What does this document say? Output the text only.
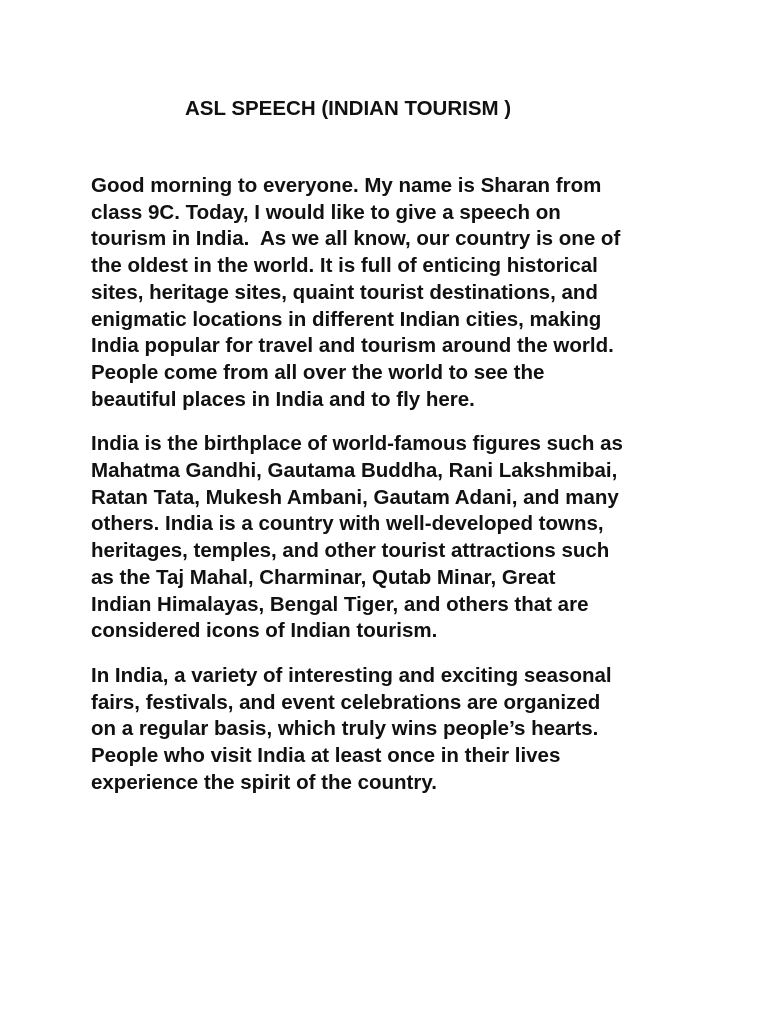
ASL SPEECH (INDIAN TOURISM )

Good morning to everyone. My name is Sharan from
class 9C. Today, I would like to give a speech on
tourism in India.  As we all know, our country is one of
the oldest in the world. It is full of enticing historical
sites, heritage sites, quaint tourist destinations, and
enigmatic locations in different Indian cities, making
India popular for travel and tourism around the world.
People come from all over the world to see the
beautiful places in India and to fly here.

India is the birthplace of world-famous figures such as
Mahatma Gandhi, Gautama Buddha, Rani Lakshmibai,
Ratan Tata, Mukesh Ambani, Gautam Adani, and many
others. India is a country with well-developed towns,
heritages, temples, and other tourist attractions such
as the Taj Mahal, Charminar, Qutab Minar, Great
Indian Himalayas, Bengal Tiger, and others that are
considered icons of Indian tourism.

In India, a variety of interesting and exciting seasonal
fairs, festivals, and event celebrations are organized
on a regular basis, which truly wins people’s hearts.
People who visit India at least once in their lives
experience the spirit of the country.
